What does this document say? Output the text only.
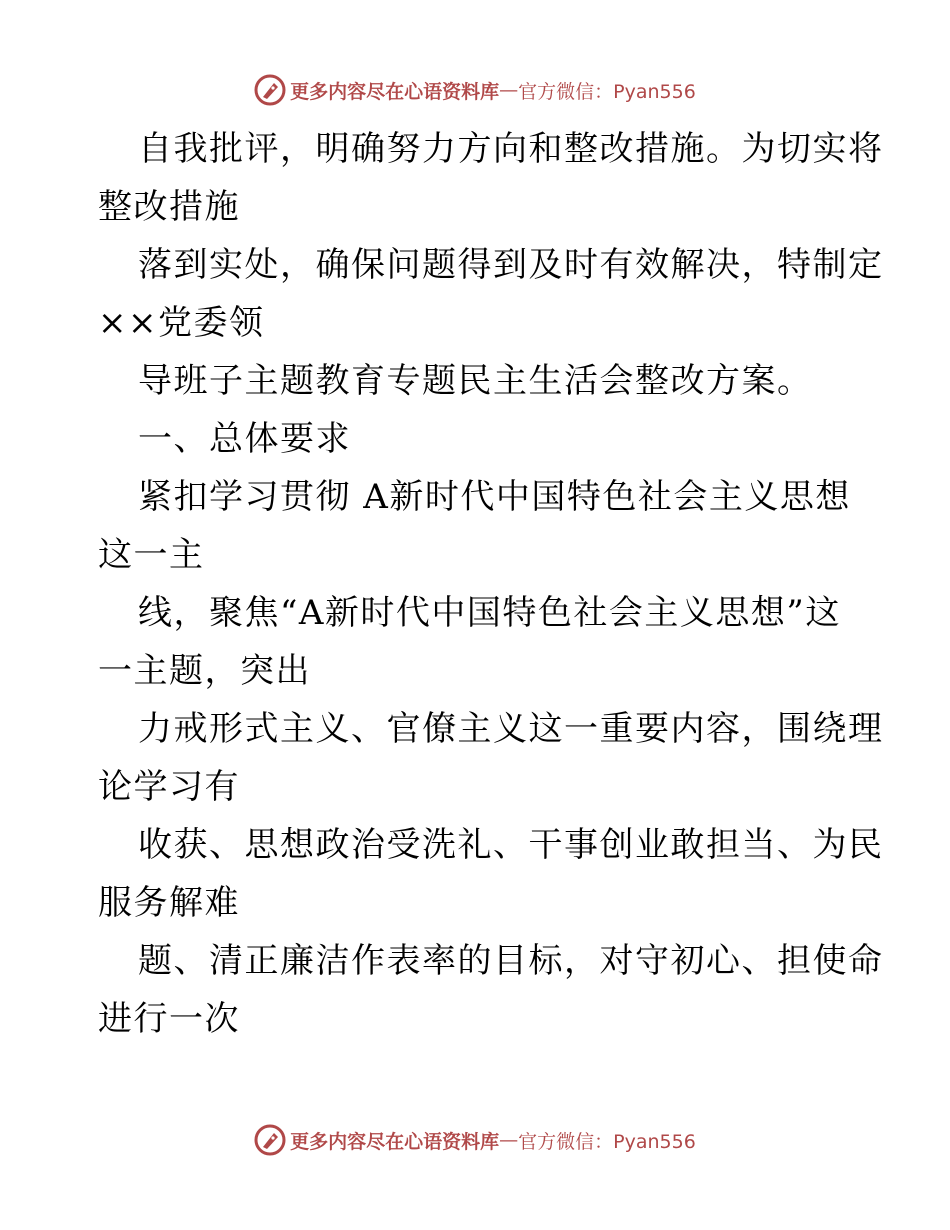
更多内容尽在心语资料库 — 官方微信：Pyan556
自我批评，明确努力方向和整改措施。为切实将
整改措施
落到实处，确保问题得到及时有效解决，特制定
××党委领
导班子主题教育专题民主生活会整改方案。
一、总体要求
紧扣学习贯彻 A新时代中国特色社会主义思想
这一主
线，聚焦“A新时代中国特色社会主义思想”这
一主题，突出
力戒形式主义、官僚主义这一重要内容，围绕理
论学习有
收获、思想政治受洗礼、干事创业敢担当、为民
服务解难
题、清正廉洁作表率的目标，对守初心、担使命
进行一次
更多内容尽在心语资料库 — 官方微信：Pyan556
